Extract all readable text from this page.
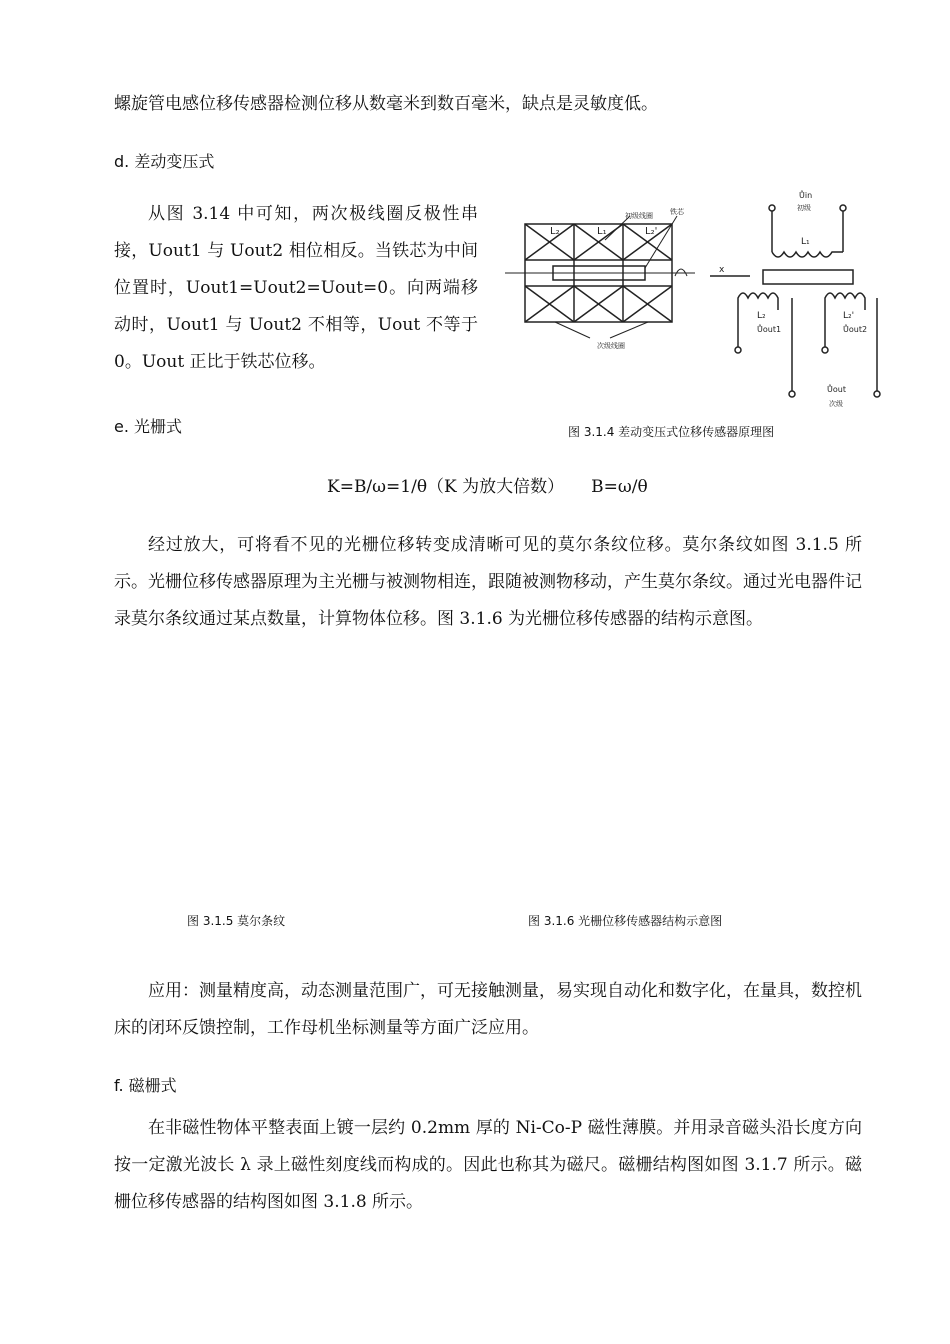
螺旋管电感位移传感器检测位移从数毫米到数百毫米，缺点是灵敏度低。
d. 差动变压式
从图 3.14 中可知，两次极线圈反极性串接，Uout1 与 Uout2 相位相反。当铁芯为中间位置时，Uout1=Uout2=Uout=0。向两端移动时，Uout1 与 Uout2 不相等，Uout 不等于 0。Uout 正比于铁芯位移。
L₂	L₁	L₂'
初级线圈 铁芯
次级线圈
x
Ůin
初级
L₁
L₂	L₂'
Ůout1	Ůout2
Ůout
次级
图 3.1.4 差动变压式位移传感器原理图
e. 光栅式
K=B/ω=1/θ（K 为放大倍数）     B=ω/θ
经过放大，可将看不见的光栅位移转变成清晰可见的莫尔条纹位移。莫尔条纹如图 3.1.5 所示。光栅位移传感器原理为主光栅与被测物相连，跟随被测物移动，产生莫尔条纹。通过光电器件记录莫尔条纹通过某点数量，计算物体位移。图 3.1.6 为光栅位移传感器的结构示意图。
图 3.1.5 莫尔条纹	图 3.1.6 光栅位移传感器结构示意图
应用：测量精度高，动态测量范围广，可无接触测量，易实现自动化和数字化，在量具，数控机床的闭环反馈控制，工作母机坐标测量等方面广泛应用。
f. 磁栅式
在非磁性物体平整表面上镀一层约 0.2mm 厚的 Ni-Co-P 磁性薄膜。并用录音磁头沿长度方向按一定激光波长 λ 录上磁性刻度线而构成的。因此也称其为磁尺。磁栅结构图如图 3.1.7 所示。磁栅位移传感器的结构图如图 3.1.8 所示。
